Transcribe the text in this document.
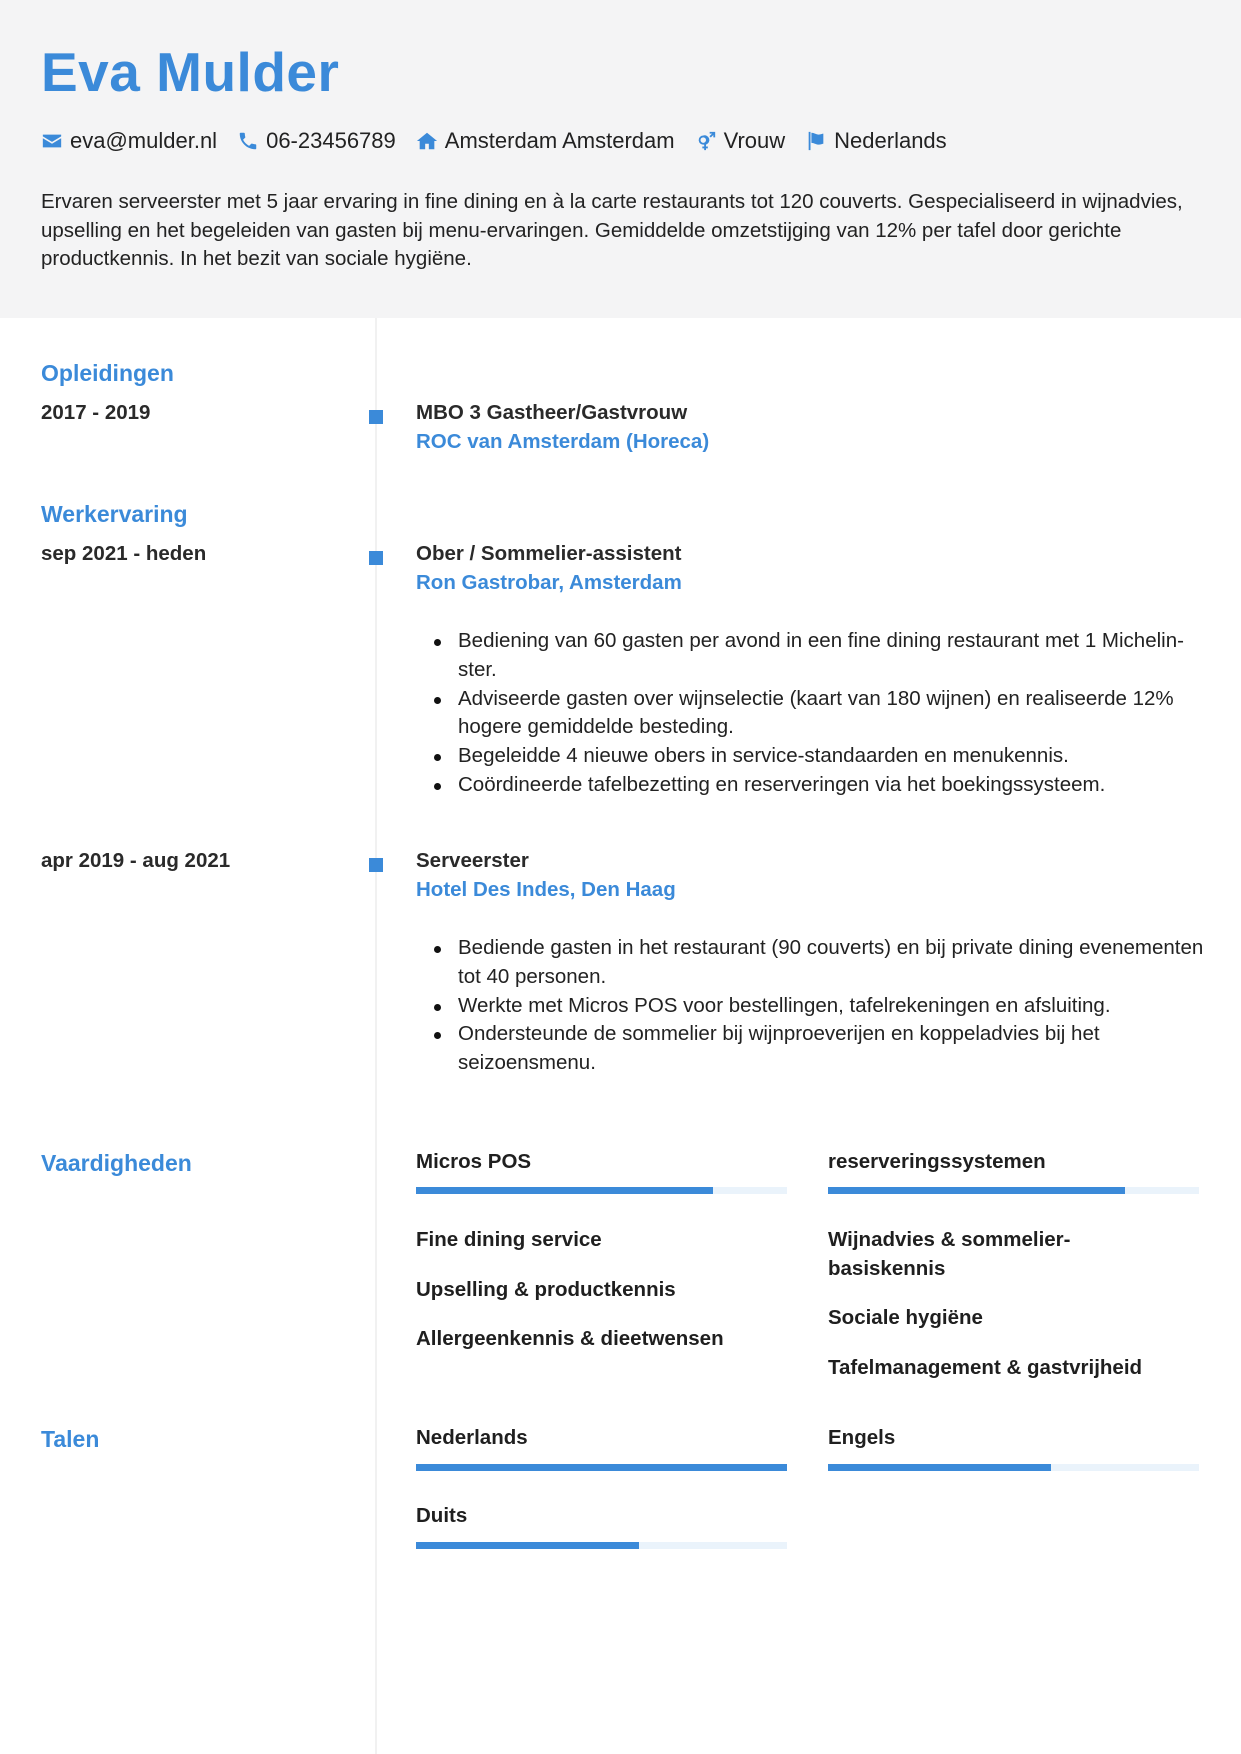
Eva Mulder
eva@mulder.nl 06-23456789 Amsterdam Amsterdam Vrouw Nederlands
Ervaren serveerster met 5 jaar ervaring in fine dining en à la carte restaurants tot 120 couverts. Gespecialiseerd in wijnadvies, upselling en het begeleiden van gasten bij menu-ervaringen. Gemiddelde omzetstijging van 12% per tafel door gerichte productkennis. In het bezit van sociale hygiëne.
Opleidingen
2017 - 2019	MBO 3 Gastheer/Gastvrouw
ROC van Amsterdam (Horeca)
Werkervaring
sep 2021 - heden	Ober / Sommelier-assistent
Ron Gastrobar, Amsterdam
Bediening van 60 gasten per avond in een fine dining restaurant met 1 Michelin-ster.
Adviseerde gasten over wijnselectie (kaart van 180 wijnen) en realiseerde 12% hogere gemiddelde besteding.
Begeleidde 4 nieuwe obers in service-standaarden en menukennis.
Coördineerde tafelbezetting en reserveringen via het boekingssysteem.
apr 2019 - aug 2021	Serveerster
Hotel Des Indes, Den Haag
Bediende gasten in het restaurant (90 couverts) en bij private dining evenementen tot 40 personen.
Werkte met Micros POS voor bestellingen, tafelrekeningen en afsluiting.
Ondersteunde de sommelier bij wijnproeverijen en koppeladvies bij het seizoensmenu.
Vaardigheden	Micros POS	reserveringssystemen
Fine dining service
Upselling & productkennis
Allergeenkennis & dieetwensen
Wijnadvies & sommelier-basiskennis
Sociale hygiëne
Tafelmanagement & gastvrijheid
Talen	Nederlands	Engels
Duits
